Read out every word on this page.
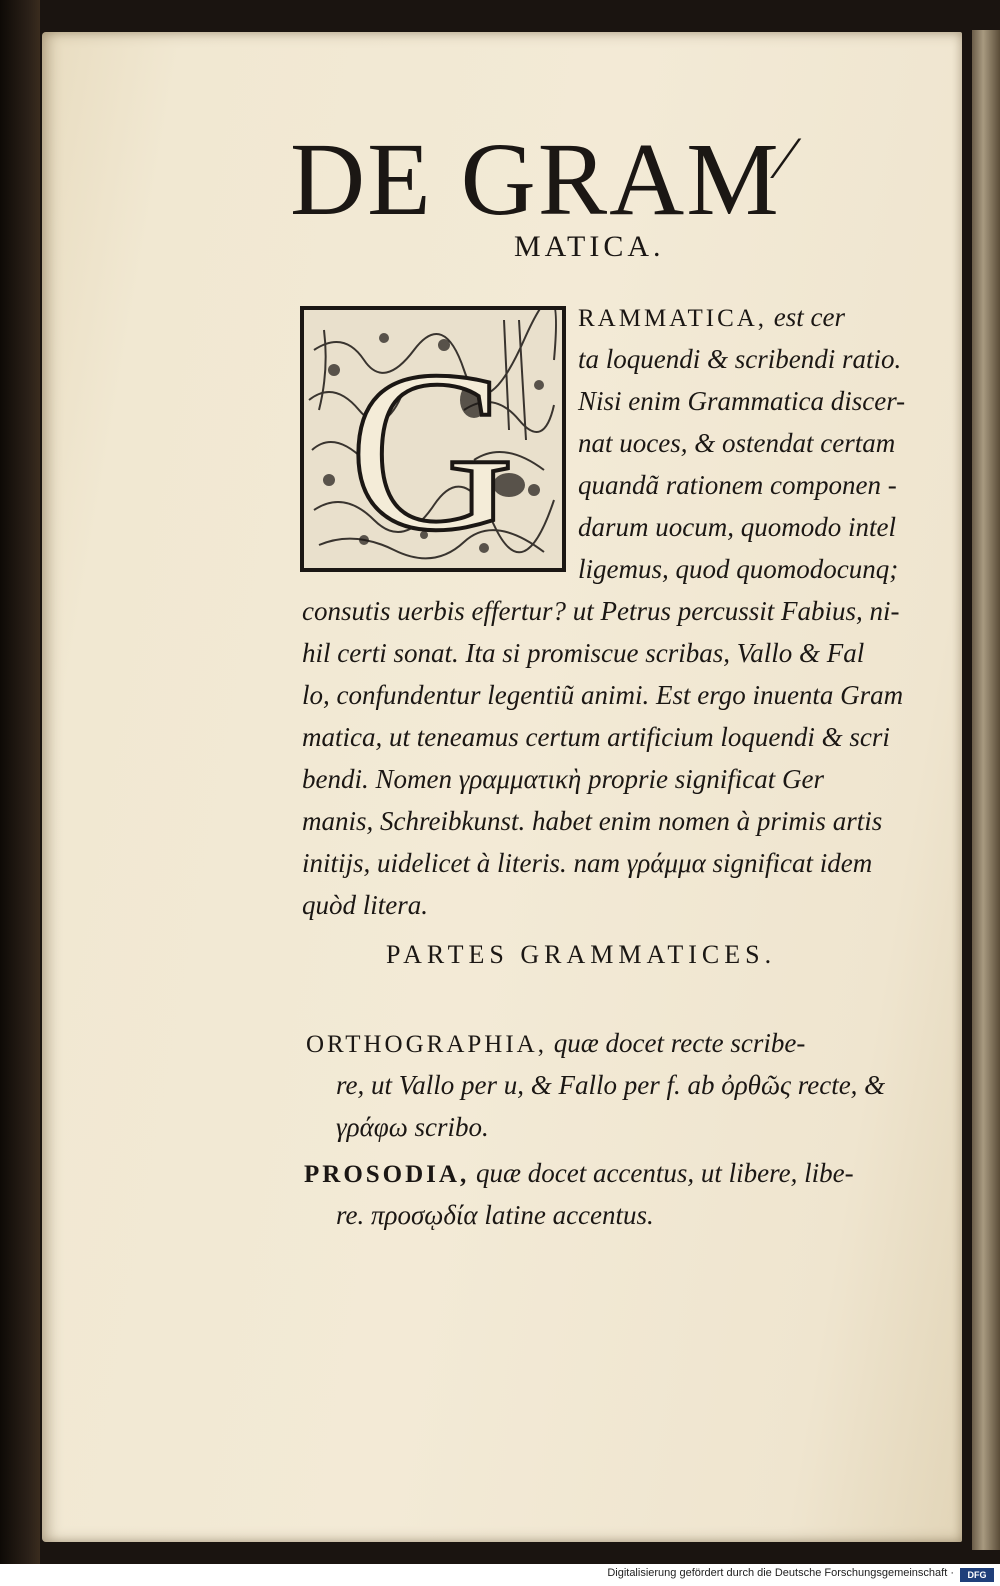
DE GRAM⁄
MATICA.
G
RAMMATICA, est cer
ta loquendi & scribendi ratio.
Nisi enim Grammatica discer-
nat uoces, & ostendat certam
quandã rationem componen -
darum uocum, quomodo intel
ligemus, quod quomodocunq;
consutis uerbis effertur? ut Petrus percussit Fabius, ni-
hil certi sonat. Ita si promiscue scribas, Vallo & Fal
lo, confundentur legentiũ animi. Est ergo inuenta Gram
matica, ut teneamus certum artificium loquendi & scri
bendi. Nomen γραμματικὴ proprie significat Ger
manis, Schreibkunst. habet enim nomen à primis artis
initijs, uidelicet à literis. nam γράμμα significat idem
quòd litera.
PARTES GRAMMATICES.
ORTHOGRAPHIA, quæ docet recte scribe-
re, ut Vallo per u, & Fallo per f. ab ὀρθῶς recte, &
γράφω scribo.
PROSODIA, quæ docet accentus, ut libere, libe-
re. προσῳδία latine accentus.
Digitalisierung gefördert durch die Deutsche Forschungsgemeinschaft ·	DFG
